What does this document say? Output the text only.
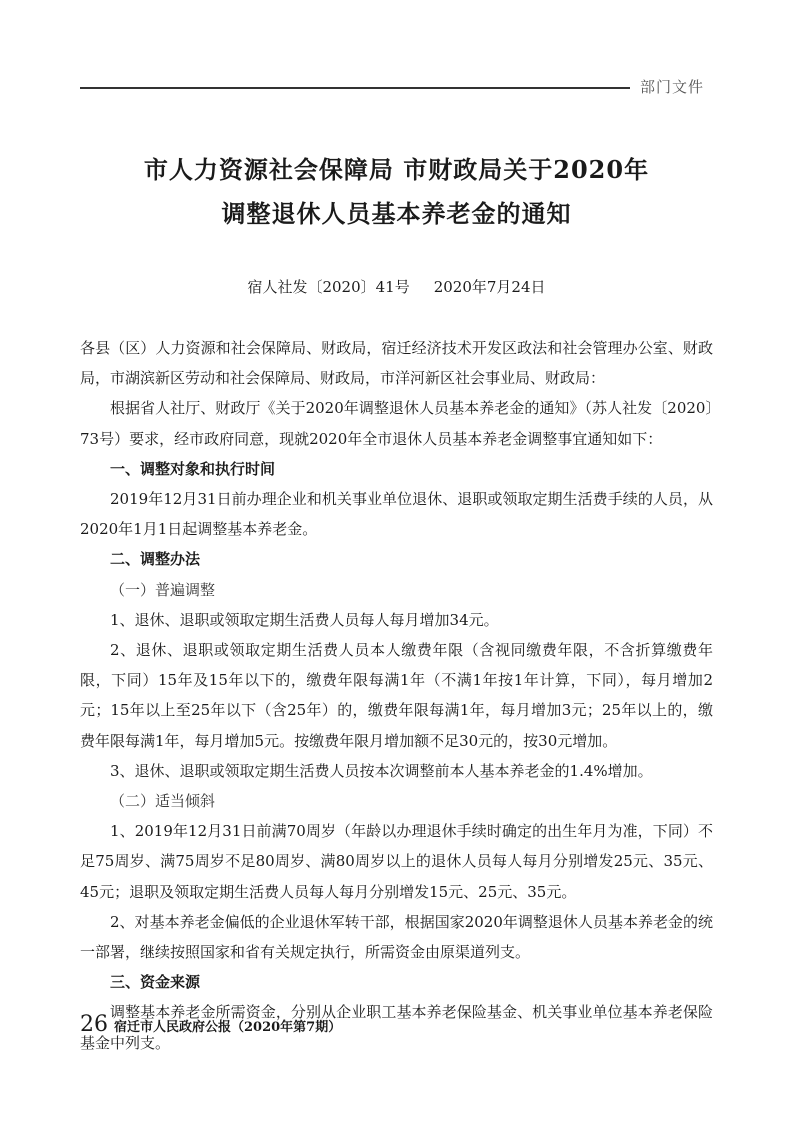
部门文件
市人力资源社会保障局 市财政局关于2020年
调整退休人员基本养老金的通知
宿人社发〔2020〕41号 2020年7月24日

各县（区）人力资源和社会保障局、财政局，宿迁经济技术开发区政法和社会管理办公室、财政局，市湖滨新区劳动和社会保障局、财政局，市洋河新区社会事业局、财政局：

根据省人社厅、财政厅《关于2020年调整退休人员基本养老金的通知》（苏人社发〔2020〕73号）要求，经市政府同意，现就2020年全市退休人员基本养老金调整事宜通知如下：

一、调整对象和执行时间

2019年12月31日前办理企业和机关事业单位退休、退职或领取定期生活费手续的人员，从2020年1月1日起调整基本养老金。

二、调整办法

（一）普遍调整

1、退休、退职或领取定期生活费人员每人每月增加34元。

2、退休、退职或领取定期生活费人员本人缴费年限（含视同缴费年限，不含折算缴费年限，下同）15年及15年以下的，缴费年限每满1年（不满1年按1年计算，下同），每月增加2元；15年以上至25年以下（含25年）的，缴费年限每满1年，每月增加3元；25年以上的，缴费年限每满1年，每月增加5元。按缴费年限月增加额不足30元的，按30元增加。

3、退休、退职或领取定期生活费人员按本次调整前本人基本养老金的1.4%增加。

（二）适当倾斜

1、2019年12月31日前满70周岁（年龄以办理退休手续时确定的出生年月为准，下同）不足75周岁、满75周岁不足80周岁、满80周岁以上的退休人员每人每月分别增发25元、35元、45元；退职及领取定期生活费人员每人每月分别增发15元、25元、35元。

2、对基本养老金偏低的企业退休军转干部，根据国家2020年调整退休人员基本养老金的统一部署，继续按照国家和省有关规定执行，所需资金由原渠道列支。

三、资金来源

调整基本养老金所需资金，分别从企业职工基本养老保险基金、机关事业单位基本养老保险基金中列支。

26 宿迁市人民政府公报（2020年第7期）
